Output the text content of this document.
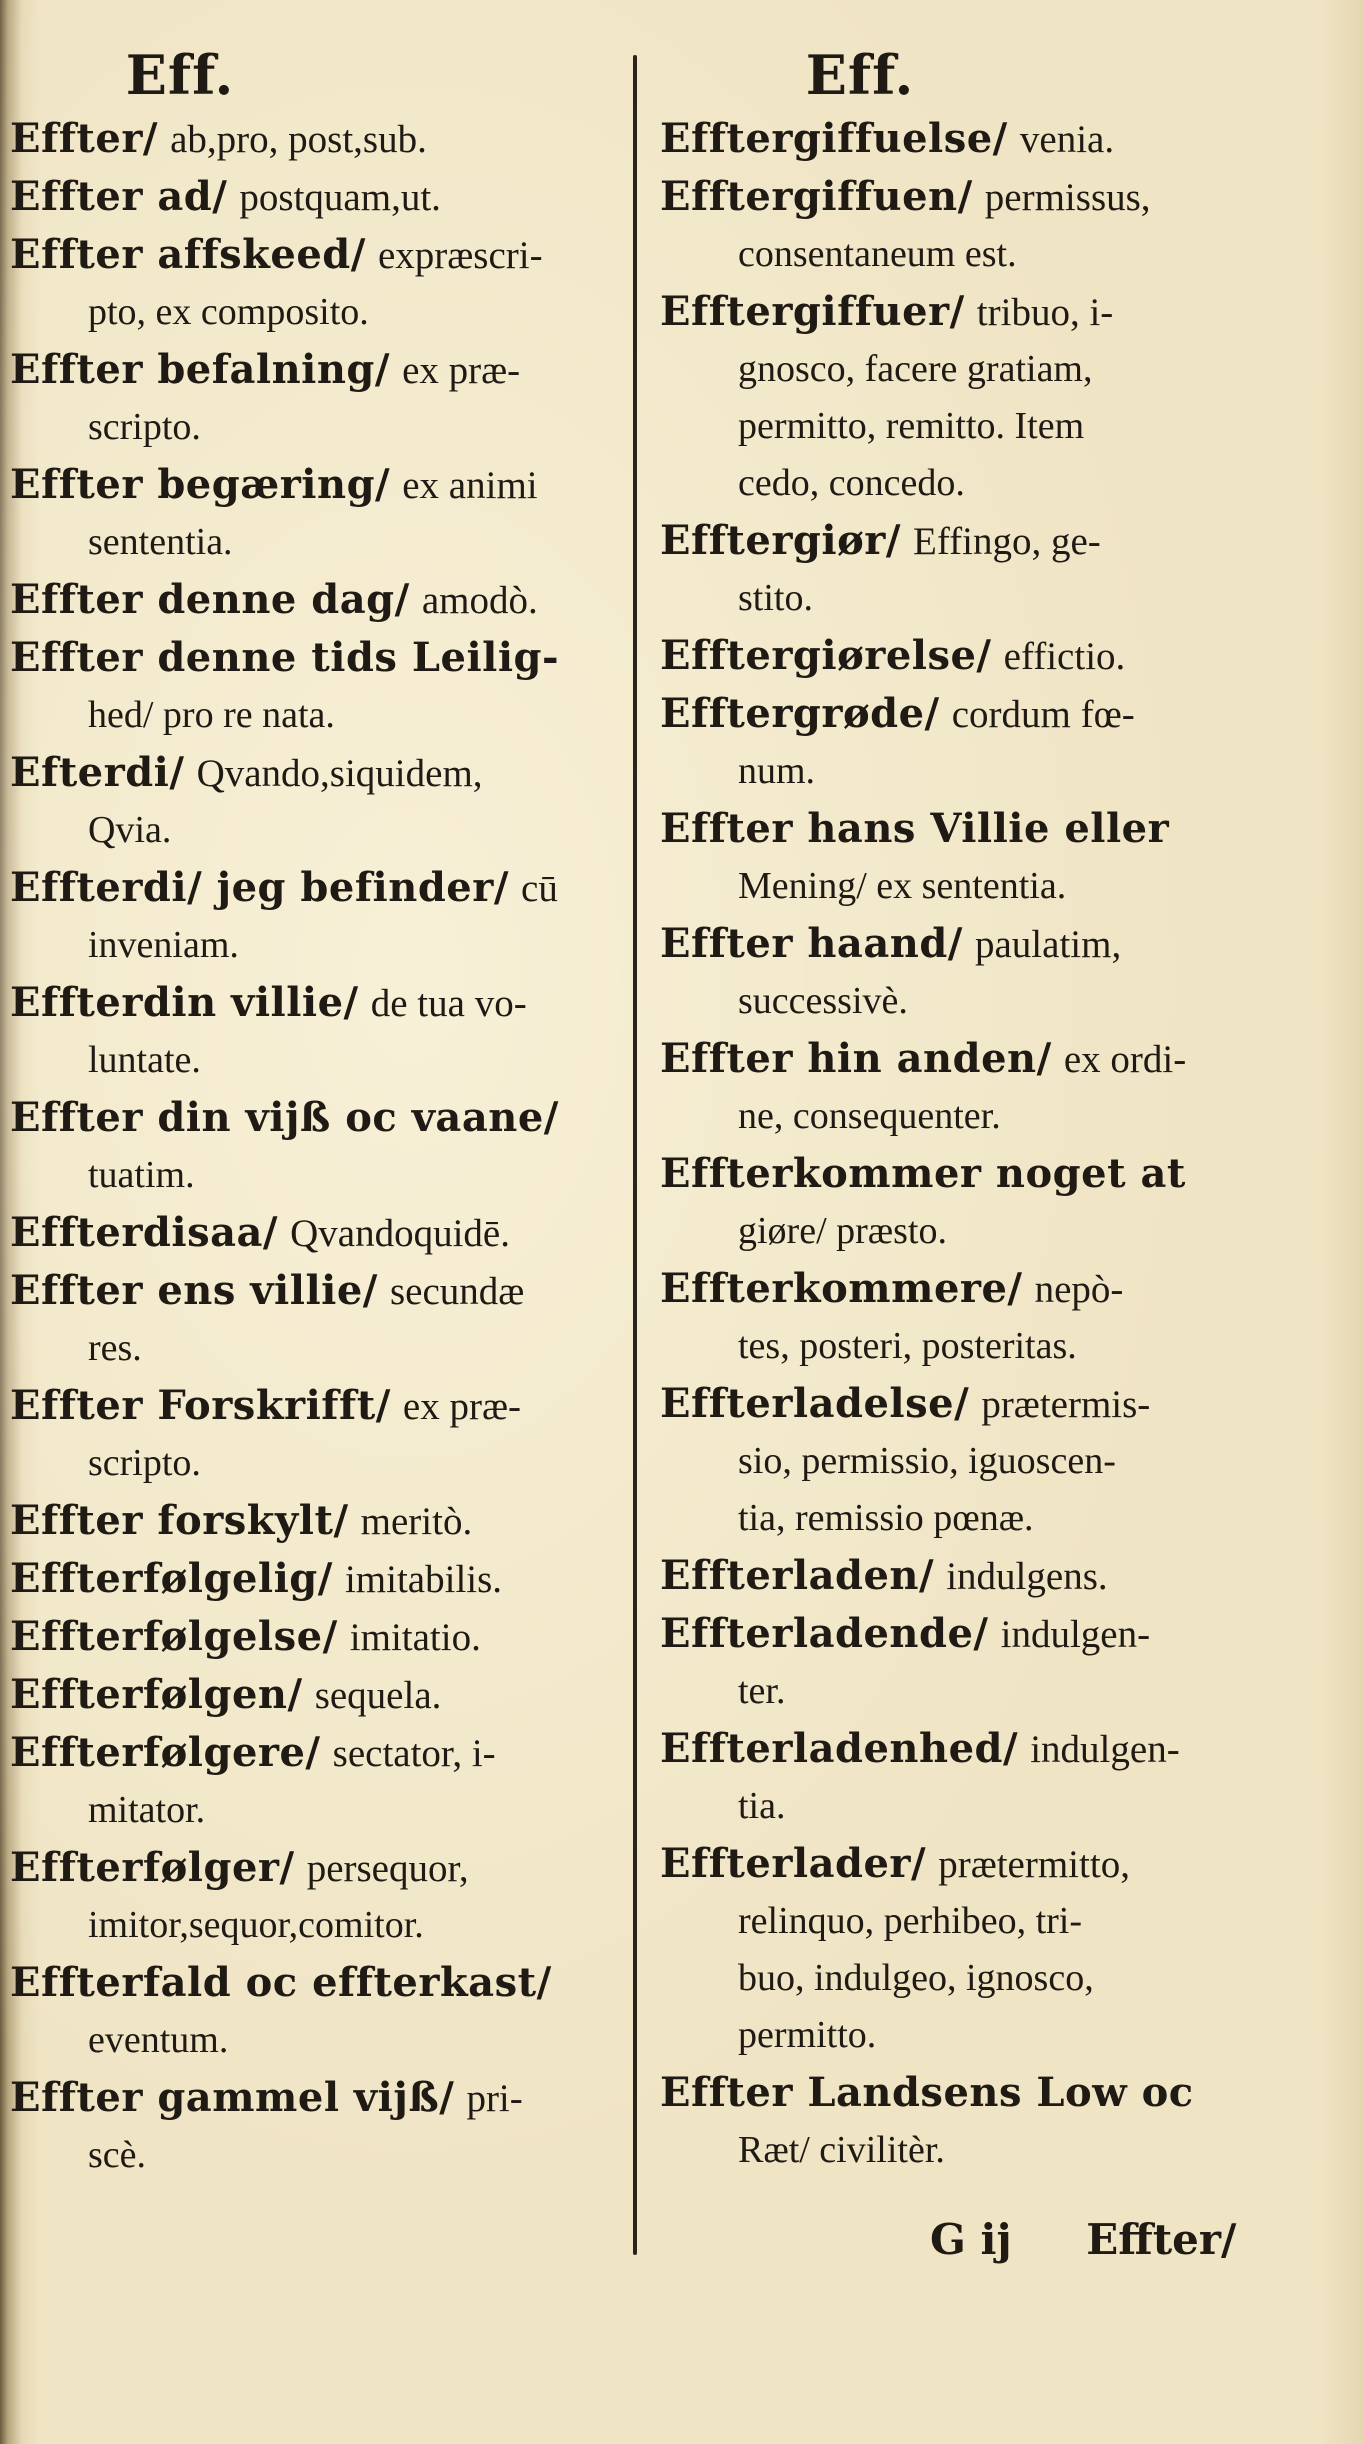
Eff.
Effter/ ab,pro, post,sub.
Effter ad/ postquam,ut.
Effter affskeed/ expræscri-
pto, ex composito.
Effter befalning/ ex præ-
scripto.
Effter begæring/ ex animi
sententia.
Effter denne dag/ amodò.
Effter denne tids Leilig-
hed/ pro re nata.
Efterdi/ Qvando,siquidem,
Qvia.
Effterdi/ jeg befinder/ cū
inveniam.
Effterdin villie/ de tua vo-
luntate.
Effter din vijß oc vaane/
tuatim.
Effterdisaa/ Qvandoquidē.
Effter ens villie/ secundæ
res.
Effter Forskrifft/ ex præ-
scripto.
Effter forskylt/ meritò.
Effterfølgelig/ imitabilis.
Effterfølgelse/ imitatio.
Effterfølgen/ sequela.
Effterfølgere/ sectator, i-
mitator.
Effterfølger/ persequor,
imitor,sequor,comitor.
Effterfald oc effterkast/
eventum.
Effter gammel vijß/ pri-
scè.
Eff.
Efftergiffuelse/ venia.
Efftergiffuen/ permissus,
consentaneum est.
Efftergiffuer/ tribuo, i-
gnosco, facere gratiam,
permitto, remitto. Item
cedo, concedo.
Efftergiør/ Effingo, ge-
stito.
Efftergiørelse/ effictio.
Efftergrøde/ cordum fœ-
num.
Effter hans Villie eller
Mening/ ex sententia.
Effter haand/ paulatim,
successivè.
Effter hin anden/ ex ordi-
ne, consequenter.
Effterkommer noget at
giøre/ præsto.
Effterkommere/ nepò-
tes, posteri, posteritas.
Effterladelse/ prætermis-
sio, permissio, iguoscen-
tia, remissio pœnæ.
Effterladen/ indulgens.
Effterladende/ indulgen-
ter.
Effterladenhed/ indulgen-
tia.
Effterlader/ prætermitto,
relinquo, perhibeo, tri-
buo, indulgeo, ignosco,
permitto.
Effter Landsens Low oc
Ræt/ civilitèr.
G ij Effter/
